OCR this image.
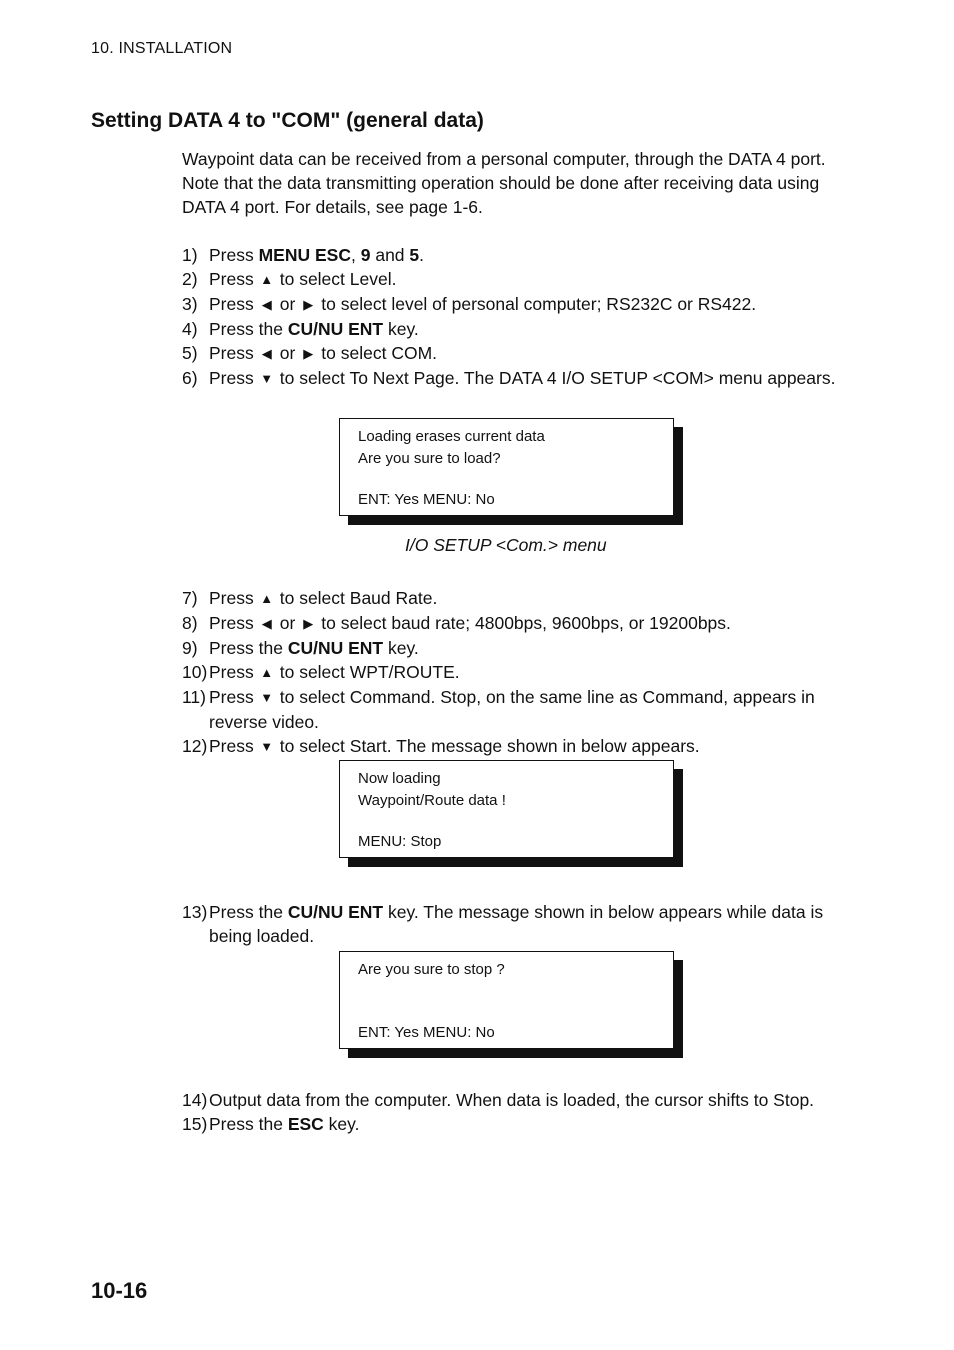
10. INSTALLATION
Setting DATA 4 to "COM" (general data)

Waypoint data can be received from a personal computer, through the DATA 4 port. Note that the data transmitting operation should be done after receiving data using DATA 4 port. For details, see page 1-6.

1) Press MENU ESC, 9 and 5.
2) Press ▲ to select Level.
3) Press ◀ or ▶ to select level of personal computer; RS232C or RS422.
4) Press the CU/NU ENT key.
5) Press ◀ or ▶ to select COM.
6) Press ▼ to select To Next Page. The DATA 4 I/O SETUP <COM> menu appears.
Loading erases current data
Are you sure to load?
ENT: Yes MENU: No
I/O SETUP <Com.> menu
7) Press ▲ to select Baud Rate.
8) Press ◀ or ▶ to select baud rate; 4800bps, 9600bps, or 19200bps.
9) Press the CU/NU ENT key.
10) Press ▲ to select WPT/ROUTE.
11) Press ▼ to select Command. Stop, on the same line as Command, appears in reverse video.
12) Press ▼ to select Start. The message shown in below appears.
Now loading
Waypoint/Route data !
MENU: Stop
13) Press the CU/NU ENT key. The message shown in below appears while data is being loaded.
Are you sure to stop ?
ENT: Yes MENU: No
14) Output data from the computer. When data is loaded, the cursor shifts to Stop.
15) Press the ESC key.
10-16
